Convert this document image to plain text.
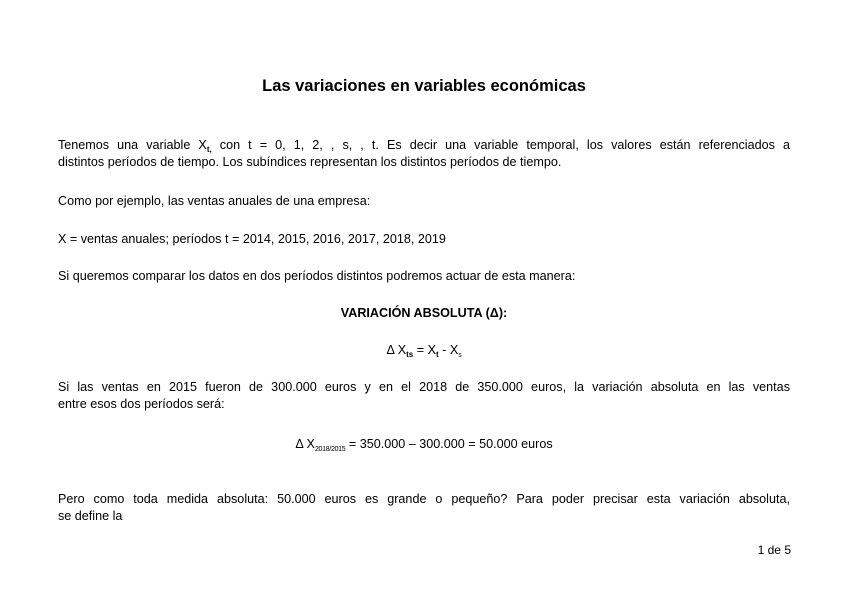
Las variaciones en variables económicas
Tenemos una variable $X_{t,}$ con t = 0, 1, 2, , s, , t. Es decir una variable temporal, los valores están referenciados a
distintos períodos de tiempo. Los subíndices representan los distintos períodos de tiempo.
Como por ejemplo, las ventas anuales de una empresa:
X = ventas anuales; períodos t = 2014, 2015, 2016, 2017, 2018, 2019
Si queremos comparar los datos en dos períodos distintos podremos actuar de esta manera:
VARIACIÓN ABSOLUTA (Δ):
Δ $X_{ts} = X_t - X_s$
Si las ventas en 2015 fueron de 300.000 euros y en el 2018 de 350.000 euros, la variación absoluta en las ventas
entre esos dos períodos será:
Δ $X_{2018/2015} = 350.000 - 300.000 = 50.000$ euros
Pero como toda medida absoluta: 50.000 euros es grande o pequeño? Para poder precisar esta variación absoluta,
se define la
1 de 5
